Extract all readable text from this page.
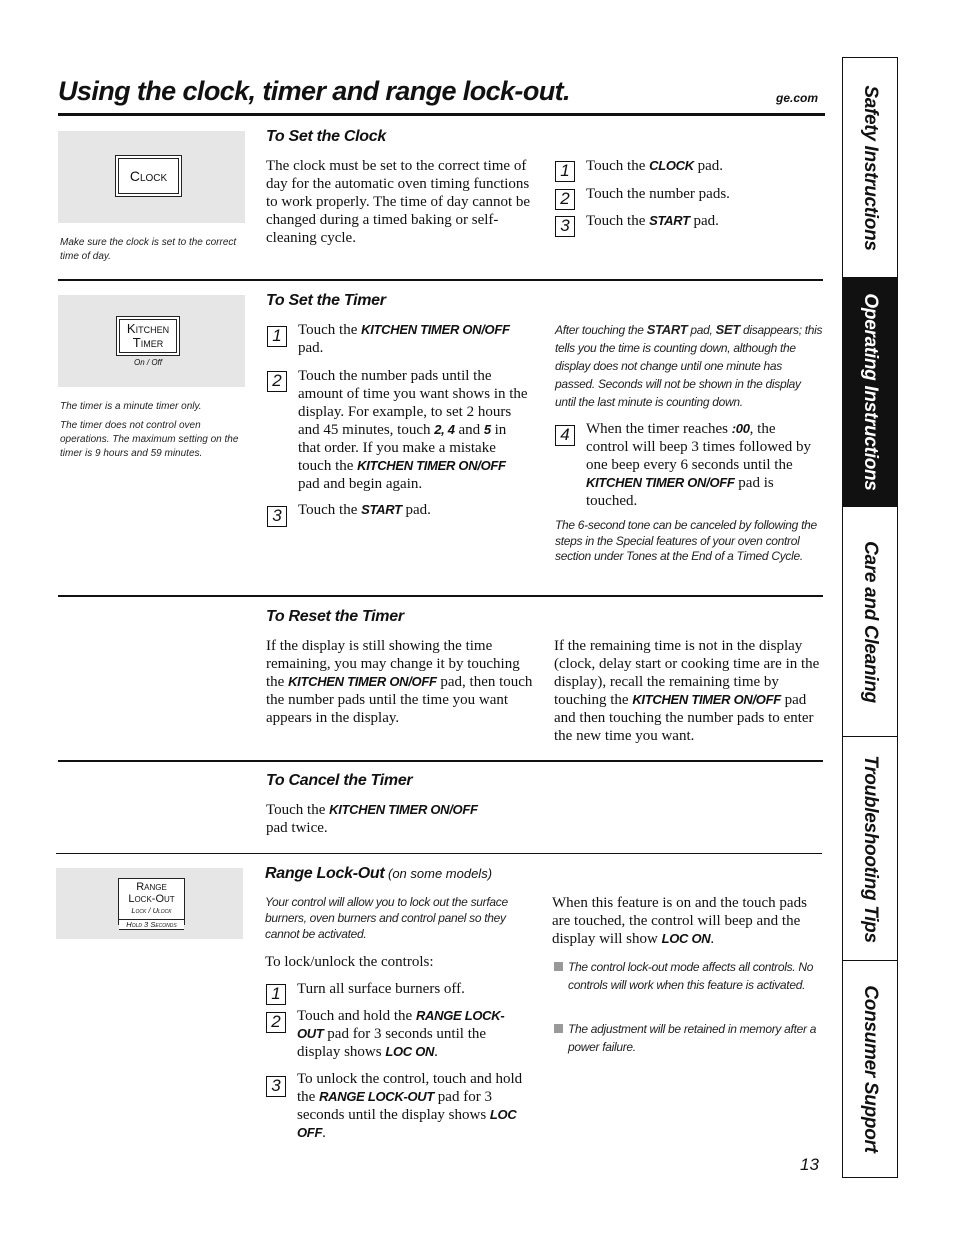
Using the clock, timer and range lock-out.	ge.com
Clock
Make sure the clock is set to the correct time of day.
To Set the Clock
The clock must be set to the correct time of day for the automatic oven timing functions to work properly. The time of day cannot be changed during a timed baking or self-cleaning cycle.
1	Touch the CLOCK pad.
2	Touch the number pads.
3	Touch the START pad.
Kitchen
Timer
On / Off
The timer is a minute timer only.
The timer does not control oven operations. The maximum setting on the timer is 9 hours and 59 minutes.
To Set the Timer
1	Touch the KITCHEN TIMER ON/OFF pad.
2	Touch the number pads until the amount of time you want shows in the display. For example, to set 2 hours and 45 minutes, touch 2, 4 and 5 in that order. If you make a mistake touch the KITCHEN TIMER ON/OFF pad and begin again.
3	Touch the START pad.
After touching the START pad, SET disappears; this tells you the time is counting down, although the display does not change until one minute has passed. Seconds will not be shown in the display until the last minute is counting down.
4	When the timer reaches :00, the control will beep 3 times followed by one beep every 6 seconds until the KITCHEN TIMER ON/OFF pad is touched.
The 6-second tone can be canceled by following the steps in the Special features of your oven control section under Tones at the End of a Timed Cycle.
To Reset the Timer
If the display is still showing the time remaining, you may change it by touching the KITCHEN TIMER ON/OFF pad, then touch the number pads until the time you want appears in the display.
If the remaining time is not in the display (clock, delay start or cooking time are in the display), recall the remaining time by touching the KITCHEN TIMER ON/OFF pad and then touching the number pads to enter the new time you want.
To Cancel the Timer
Touch the KITCHEN TIMER ON/OFF
pad twice.
Range
Lock-Out
Lock / Ulock
Hold 3 Seconds
Range Lock-Out (on some models)
Your control will allow you to lock out the surface burners, oven burners and control panel so they cannot be activated.
To lock/unlock the controls:
1	Turn all surface burners off.
2	Touch and hold the RANGE LOCK-OUT pad for 3 seconds until the display shows LOC ON.
3	To unlock the control, touch and hold the RANGE LOCK-OUT pad for 3 seconds until the display shows LOC OFF.
When this feature is on and the touch pads are touched, the control will beep and the display will show LOC ON.
The control lock-out mode affects all controls. No controls will work when this feature is activated.
The adjustment will be retained in memory after a power failure.
13
Safety Instructions
Operating Instructions
Care and Cleaning
Troubleshooting Tips
Consumer Support
